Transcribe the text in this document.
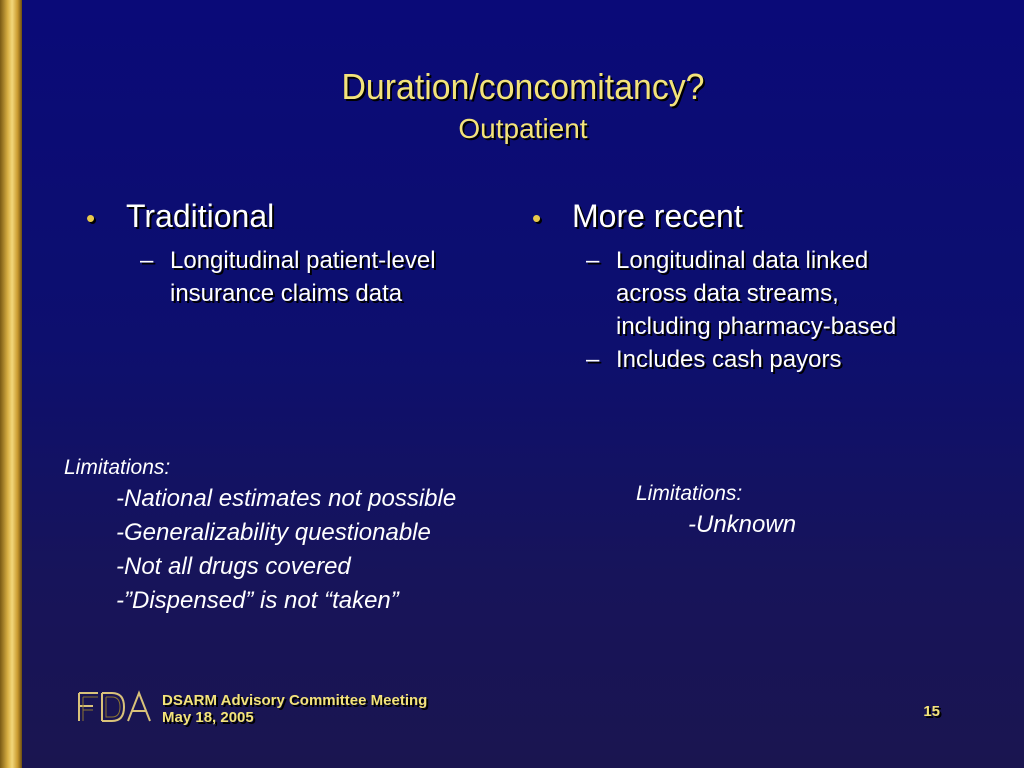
Duration/concomitancy?
Outpatient
• Traditional
– Longitudinal patient-level insurance claims data
• More recent
– Longitudinal data linked across data streams, including pharmacy-based
– Includes cash payors
Limitations:
-National estimates not possible
-Generalizability questionable
-Not all drugs covered
-”Dispensed” is not “taken”
Limitations:
-Unknown
DSARM Advisory Committee Meeting
May 18, 2005	15
